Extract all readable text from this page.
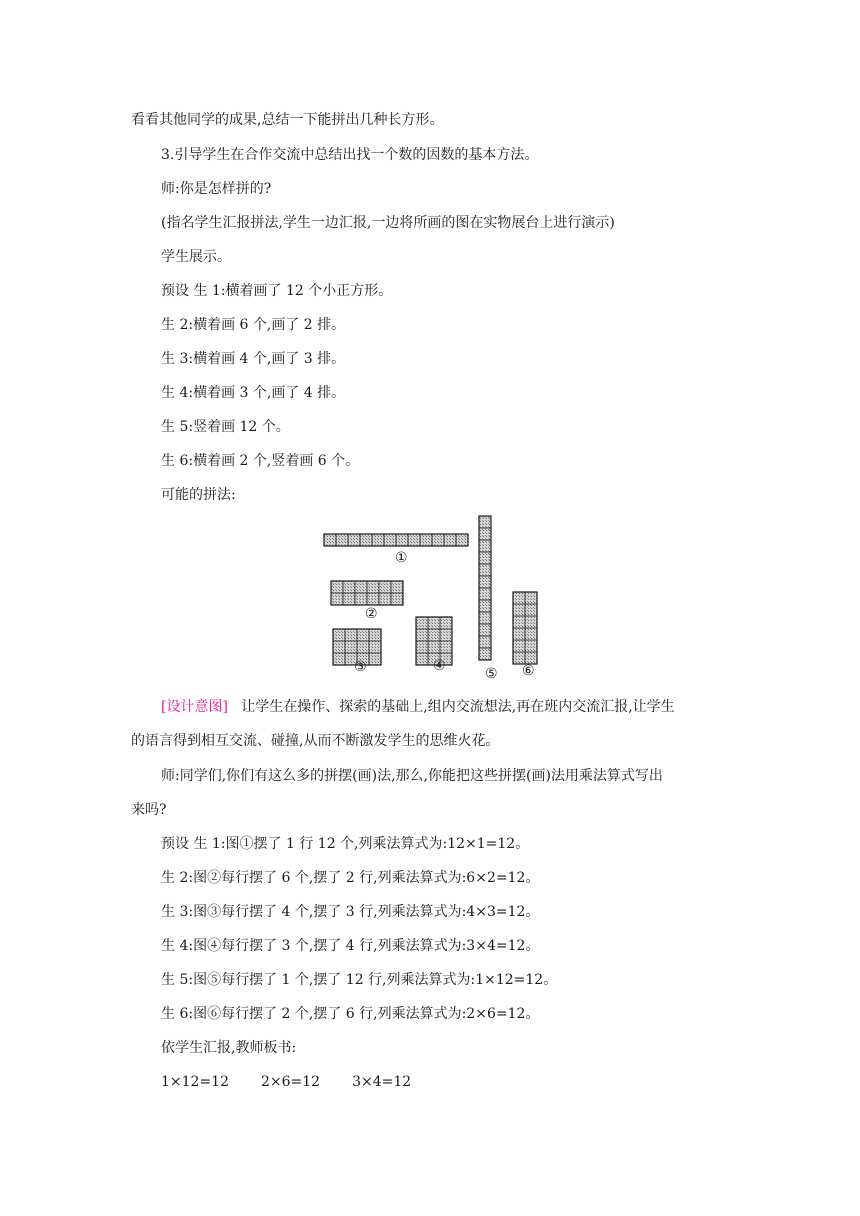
看看其他同学的成果,总结一下能拼出几种长方形。
3.引导学生在合作交流中总结出找一个数的因数的基本方法。
师:你是怎样拼的?
(指名学生汇报拼法,学生一边汇报,一边将所画的图在实物展台上进行演示)
学生展示。
预设 生 1:横着画了 12 个小正方形。
生 2:横着画 6 个,画了 2 排。
生 3:横着画 4 个,画了 3 排。
生 4:横着画 3 个,画了 4 排。
生 5:竖着画 12 个。
生 6:横着画 2 个,竖着画 6 个。
可能的拼法:
①
②
③	④	⑤ ⑥
[设计意图] 让学生在操作、探索的基础上,组内交流想法,再在班内交流汇报,让学生
的语言得到相互交流、碰撞,从而不断激发学生的思维火花。
师:同学们,你们有这么多的拼摆(画)法,那么,你能把这些拼摆(画)法用乘法算式写出
来吗?
预设 生 1:图①摆了 1 行 12 个,列乘法算式为:12×1=12。
生 2:图②每行摆了 6 个,摆了 2 行,列乘法算式为:6×2=12。
生 3:图③每行摆了 4 个,摆了 3 行,列乘法算式为:4×3=12。
生 4:图④每行摆了 3 个,摆了 4 行,列乘法算式为:3×4=12。
生 5:图⑤每行摆了 1 个,摆了 12 行,列乘法算式为:1×12=12。
生 6:图⑥每行摆了 2 个,摆了 6 行,列乘法算式为:2×6=12。
依学生汇报,教师板书:
1×12=12 2×6=12 3×4=12
